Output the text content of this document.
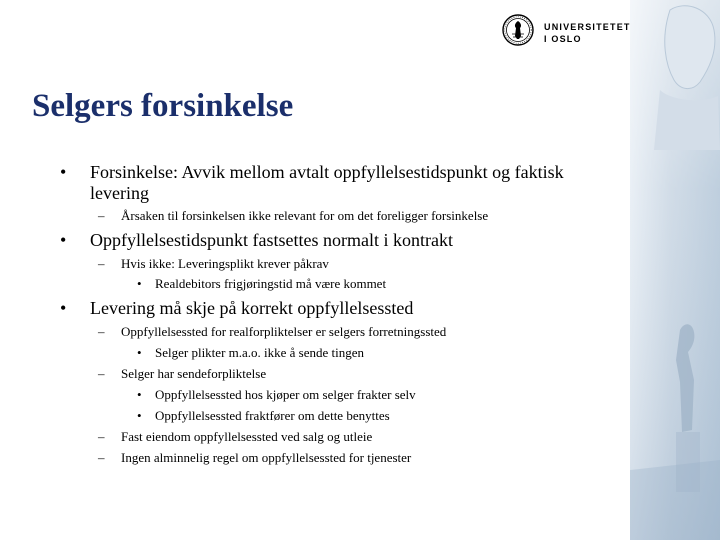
UNIVERSITETET
I OSLO
Selgers forsinkelse
• Forsinkelse: Avvik mellom avtalt oppfyllelsestidspunkt og faktisk
levering
– Årsaken til forsinkelsen ikke relevant for om det foreligger forsinkelse
• Oppfyllelsestidspunkt fastsettes normalt i kontrakt
– Hvis ikke: Leveringsplikt krever påkrav
• Realdebitors frigjøringstid må være kommet
• Levering må skje på korrekt oppfyllelsessted
– Oppfyllelsessted for realforpliktelser er selgers forretningssted
• Selger plikter m.a.o. ikke å sende tingen
– Selger har sendeforpliktelse
• Oppfyllelsessted hos kjøper om selger frakter selv
• Oppfyllelsessted fraktfører om dette benyttes
– Fast eiendom oppfyllelsessted ved salg og utleie
– Ingen alminnelig regel om oppfyllelsessted for tjenester
